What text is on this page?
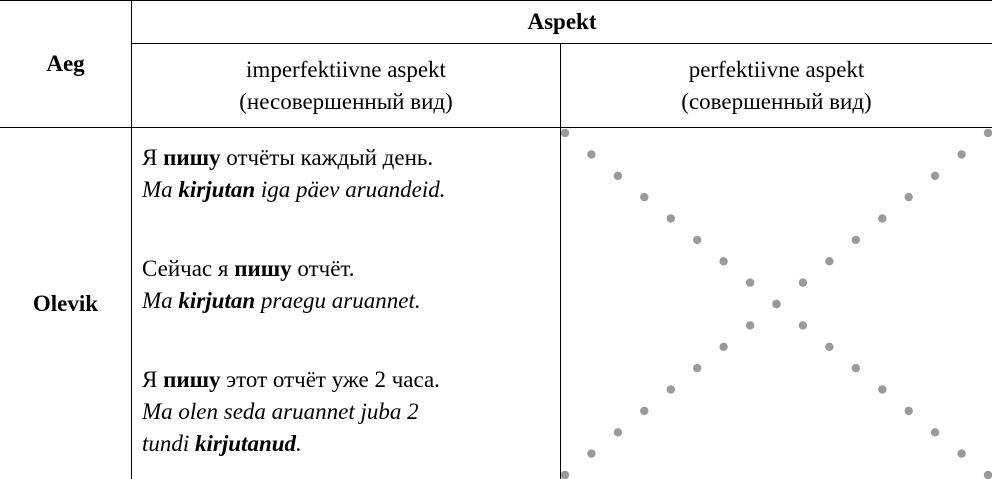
Aspekt
Aeg	imperfektiivne aspekt
(несовершенный вид)
perfektiivne aspekt
(совершенный вид)
Olevik
Я пишу отчёты каждый день.
Ma kirjutan iga päev aruandeid.
Сейчас я пишу отчёт.
Ma kirjutan praegu aruannet.
Я пишу этот отчёт уже 2 часа.
Ma olen seda aruannet juba 2
tundi kirjutanud.
